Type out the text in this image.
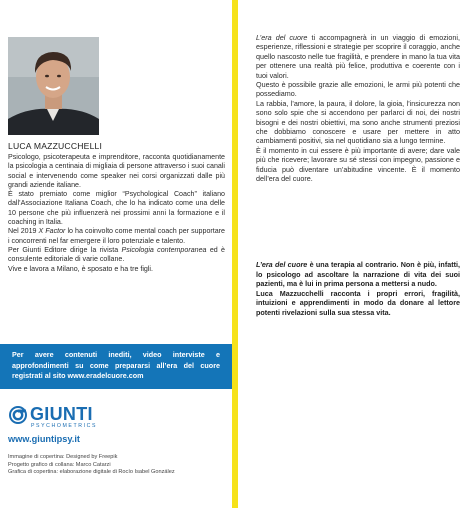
LUCA MAZZUCCHELLI

Psicologo, psicoterapeuta e imprenditore, racconta quotidianamente la psicologia a centinaia di migliaia di persone attraverso i suoi canali social e intervenendo come speaker nei corsi organizzati dalle più grandi aziende italiane.

È stato premiato come miglior “Psychological Coach” italiano dall’Associazione Italiana Coach, che lo ha indicato come una delle 10 persone che più influenzerà nei prossimi anni la formazione e il coaching in Italia.

Nel 2019 X Factor lo ha coinvolto come mental coach per supportare i concorrenti nel far emergere il loro potenziale e talento.

Per Giunti Editore dirige la rivista Psicologia contemporanea ed è consulente editoriale di varie collane.

Vive e lavora a Milano, è sposato e ha tre figli.

Per avere contenuti inediti, video interviste e approfondimenti su come prepararsi all’era del cuore registrati al sito www.eradelcuore.com

GIUNTI
PSYCHOMETRICS
www.giuntipsy.it
Immagine di copertina: Designed by Freepik
Progetto grafico di collana: Marco Catarzi
Grafica di copertina: elaborazione digitale di Rocío Isabel González

L’era del cuore ti accompagnerà in un viaggio di emozioni, esperienze, riflessioni e strategie per scoprire il coraggio, anche quello nascosto nelle tue fragilità, e prendere in mano la tua vita per ottenere una realtà più felice, produttiva e coerente con i tuoi valori.

Questo è possibile grazie alle emozioni, le armi più potenti che possediamo.

La rabbia, l’amore, la paura, il dolore, la gioia, l’insicurezza non sono solo spie che si accendono per parlarci di noi, dei nostri bisogni e dei nostri obiettivi, ma sono anche strumenti preziosi che dobbiamo conoscere e usare per mettere in atto cambiamenti positivi, sia nel quotidiano sia a lungo termine.

È il momento in cui essere è più importante di avere; dare vale più che ricevere; lavorare su sé stessi con impegno, passione e fiducia può diventare un’abitudine vincente. È il momento dell’era del cuore.

L’era del cuore è una terapia al contrario. Non è più, infatti, lo psicologo ad ascoltare la narrazione di vita dei suoi pazienti, ma è lui in prima persona a mettersi a nudo.

Luca Mazzucchelli racconta i propri errori, fragilità, intuizioni e apprendimenti in modo da donare al lettore potenti rivelazioni sulla sua stessa vita.
